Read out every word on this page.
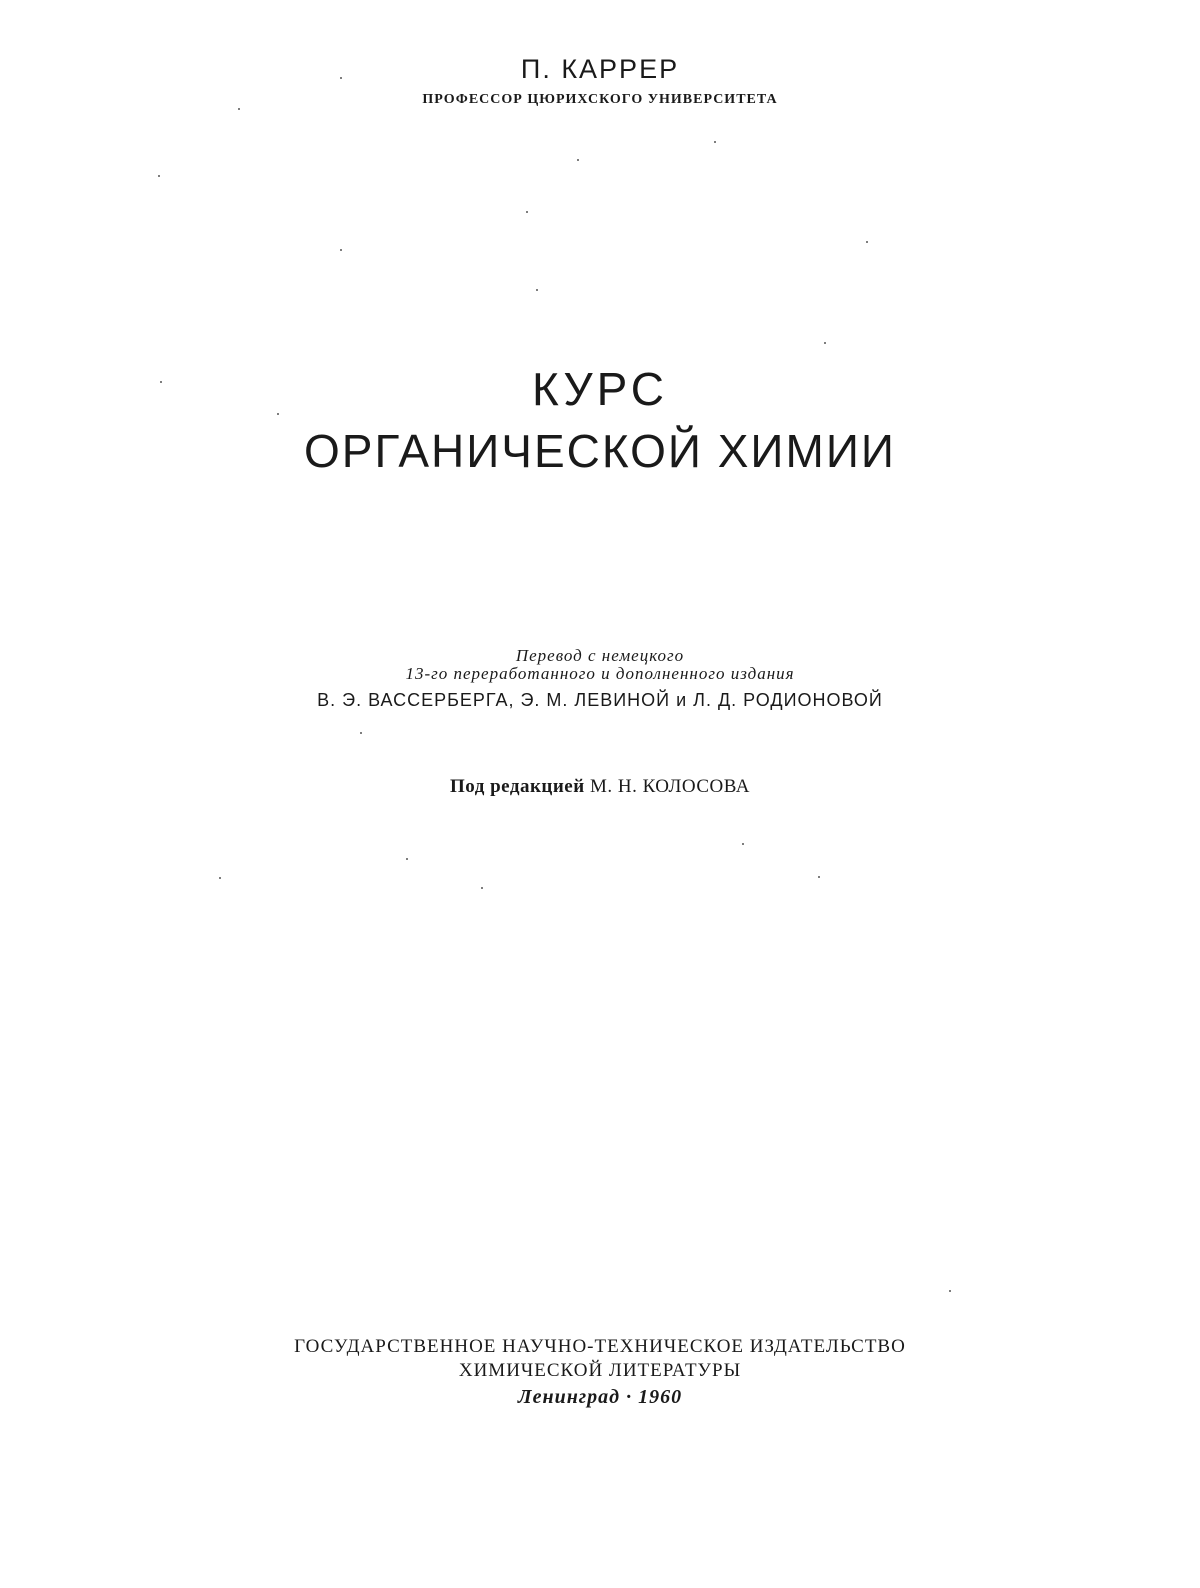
П. КАРРЕР
ПРОФЕССОР ЦЮРИХСКОГО УНИВЕРСИТЕТА
КУРС
ОРГАНИЧЕСКОЙ ХИМИИ
Перевод с немецкого
13-го переработанного и дополненного издания
В. Э. ВАССЕРБЕРГА, Э. М. ЛЕВИНОЙ и Л. Д. РОДИОНОВОЙ
Под редакцией М. Н. КОЛОСОВА
ГОСУДАРСТВЕННОЕ НАУЧНО-ТЕХНИЧЕСКОЕ ИЗДАТЕЛЬСТВО
ХИМИЧЕСКОЙ ЛИТЕРАТУРЫ
Ленинград · 1960
